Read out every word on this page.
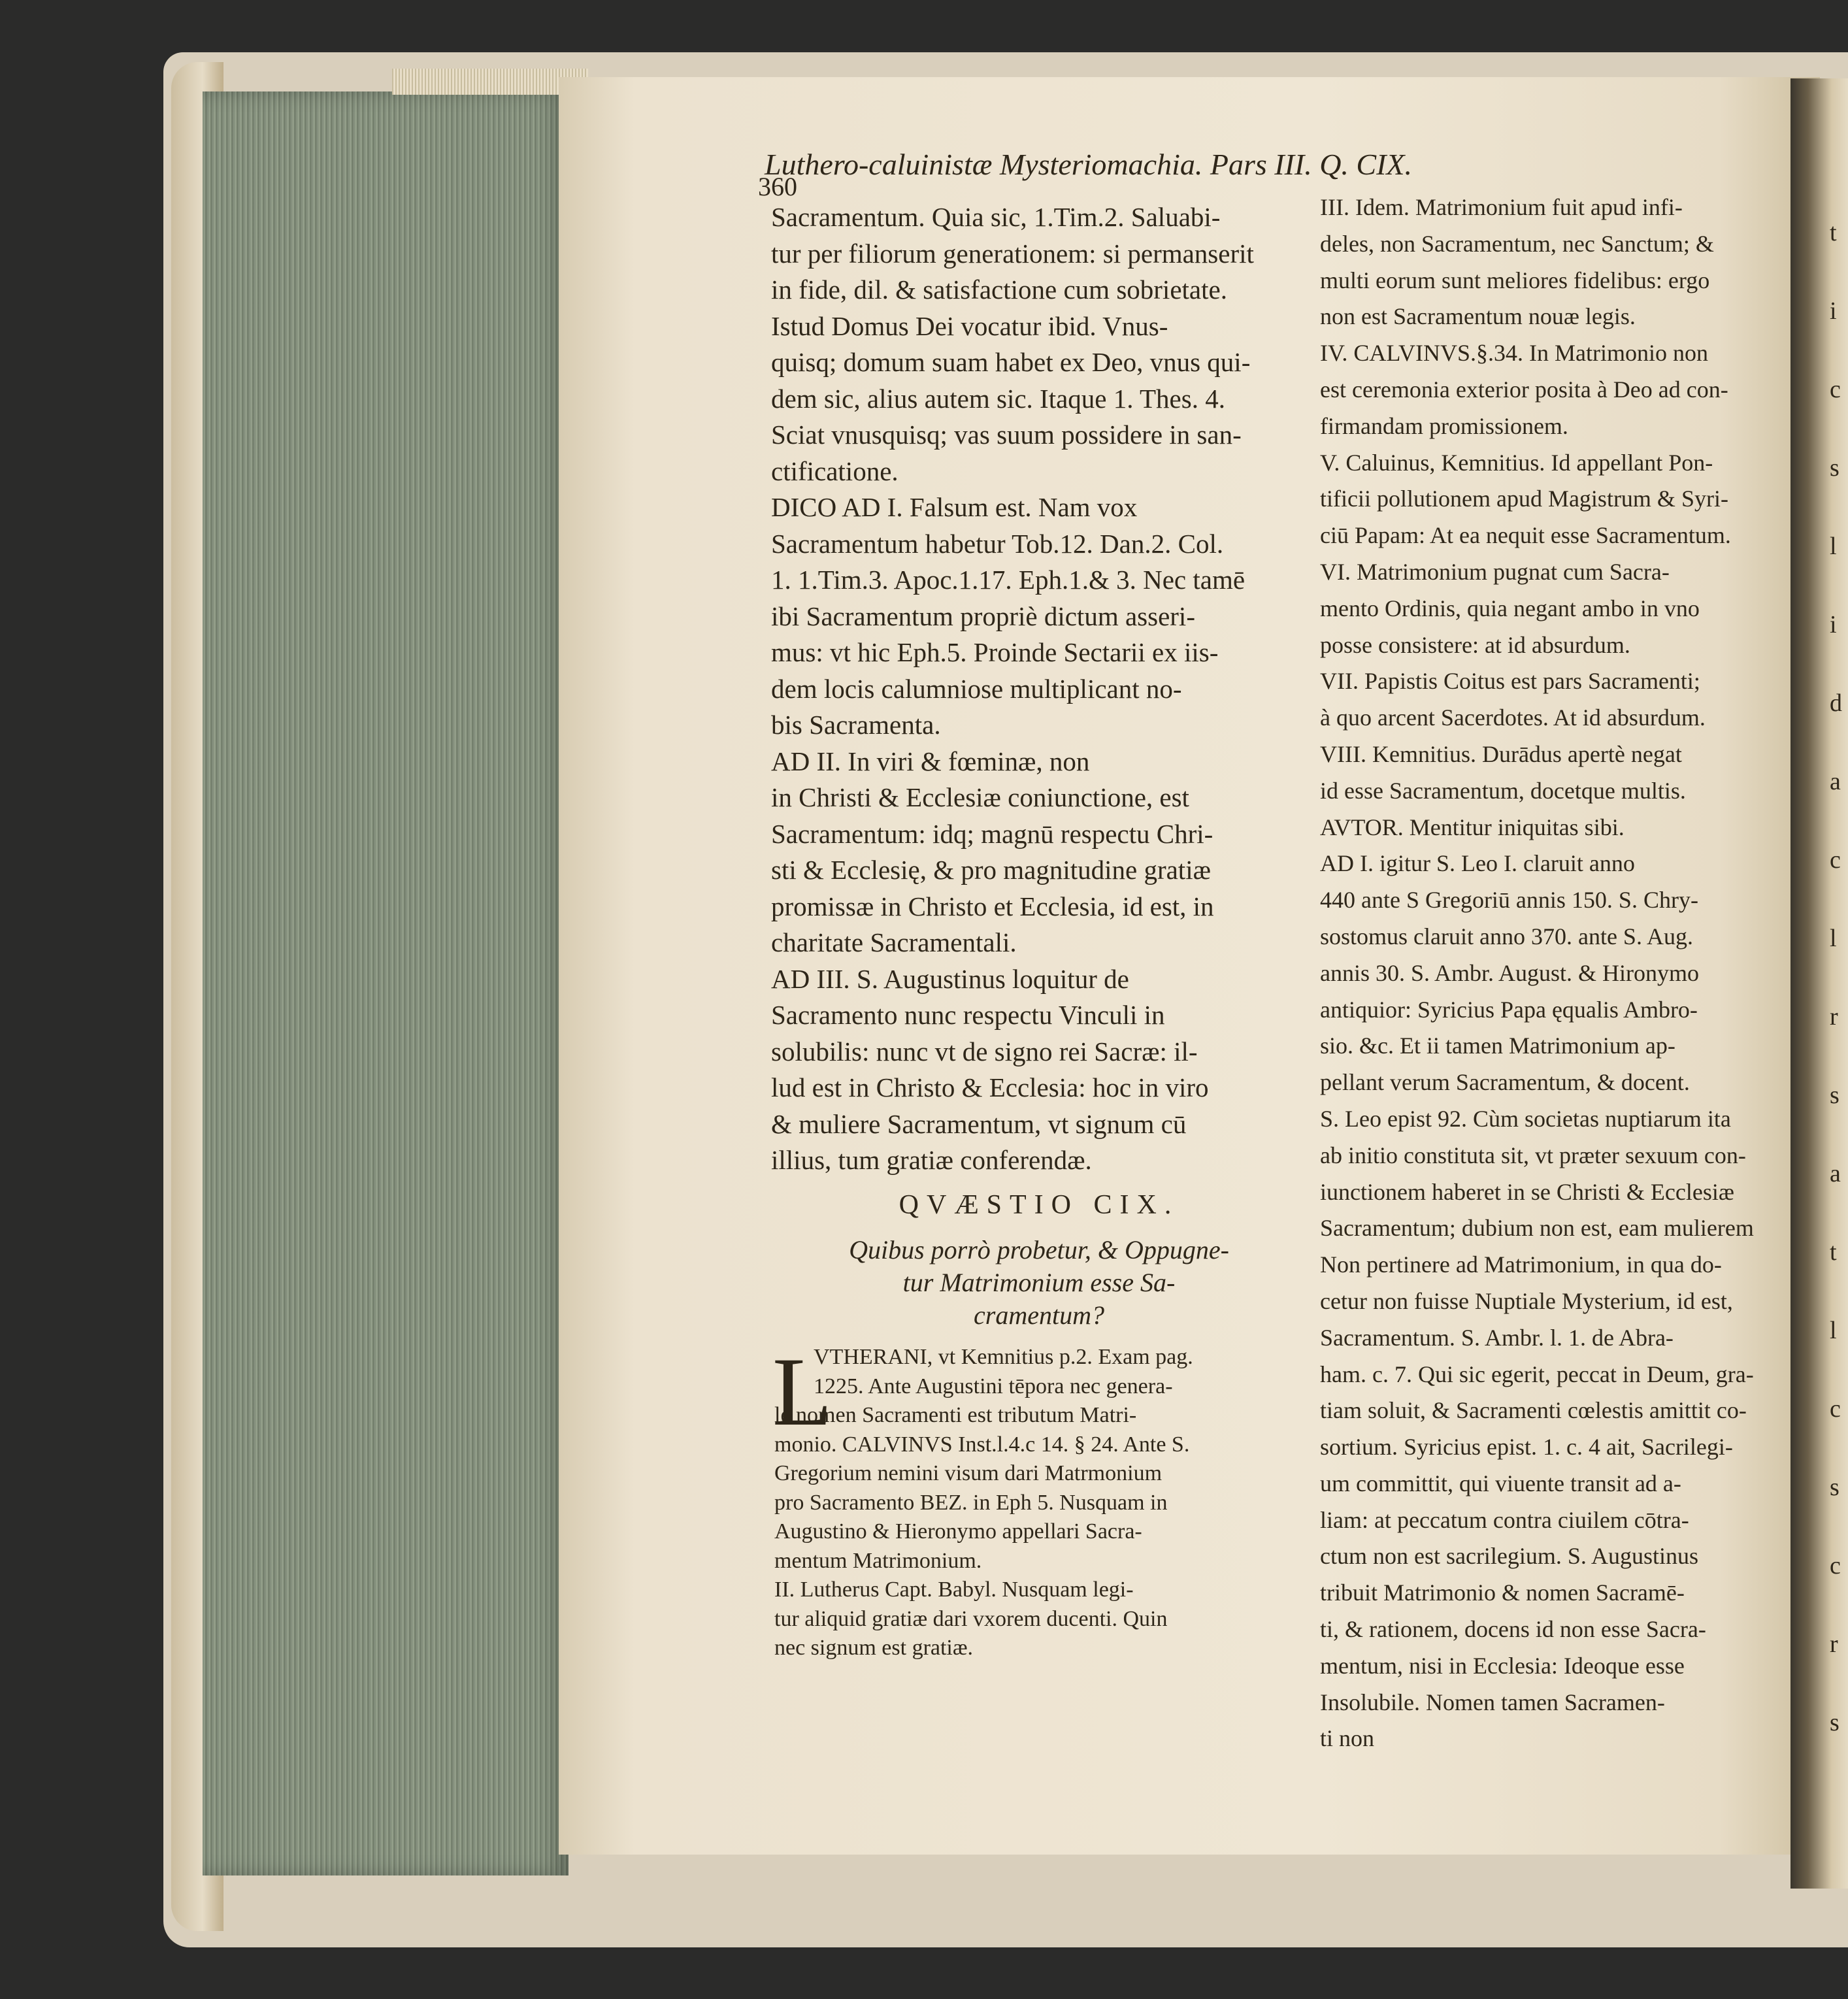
360
Luthero-caluinistæ Mysteriomachia. Pars III. Q. CIX.
Sacramentum. Quia sic, 1.Tim.2. Saluabi-
tur per filiorum generationem: si permanserit
in fide, dil. & satisfactione cum sobrietate.
Istud Domus Dei vocatur ibid. Vnus-
quisq; domum suam habet ex Deo, vnus qui-
dem sic, alius autem sic. Itaque 1. Thes. 4.
Sciat vnusquisq; vas suum possidere in san-
ctificatione.
DICO AD I. Falsum est. Nam vox
Sacramentum habetur Tob.12. Dan.2. Col.
1. 1.Tim.3. Apoc.1.17. Eph.1.& 3. Nec tamē
ibi Sacramentum propriè dictum asseri-
mus: vt hic Eph.5. Proinde Sectarii ex iis-
dem locis calumniose multiplicant no-
bis Sacramenta.
AD II. In viri & fœminæ, non
in Christi & Ecclesiæ coniunctione, est
Sacramentum: idq; magnū respectu Chri-
sti & Ecclesię, & pro magnitudine gratiæ
promissæ in Christo et Ecclesia, id est, in
charitate Sacramentali.
AD III. S. Augustinus loquitur de
Sacramento nunc respectu Vinculi in
solubilis: nunc vt de signo rei Sacræ: il-
lud est in Christo & Ecclesia: hoc in viro
& muliere Sacramentum, vt signum cū
illius, tum gratiæ conferendæ.
QVÆSTIO CIX.
Quibus porrò probetur, & Oppugne-
tur Matrimonium esse Sa-
cramentum?
L
VTHERANI, vt Kemnitius p.2. Exam pag.
1225. Ante Augustini tēpora nec genera-
le nomen Sacramenti est tributum Matri-
monio. CALVINVS Inst.l.4.c 14. § 24. Ante S.
Gregorium nemini visum dari Matrmonium
pro Sacramento BEZ. in Eph 5. Nusquam in
Augustino & Hieronymo appellari Sacra-
mentum Matrimonium.
II. Lutherus Capt. Babyl. Nusquam legi-
tur aliquid gratiæ dari vxorem ducenti. Quin
nec signum est gratiæ.
III. Idem. Matrimonium fuit apud infi-
deles, non Sacramentum, nec Sanctum; &
multi eorum sunt meliores fidelibus: ergo
non est Sacramentum nouæ legis.
IV. CALVINVS.§.34. In Matrimonio non
est ceremonia exterior posita à Deo ad con-
firmandam promissionem.
V. Caluinus, Kemnitius. Id appellant Pon-
tificii pollutionem apud Magistrum & Syri-
ciū Papam: At ea nequit esse Sacramentum.
VI. Matrimonium pugnat cum Sacra-
mento Ordinis, quia negant ambo in vno
posse consistere: at id absurdum.
VII. Papistis Coitus est pars Sacramenti;
à quo arcent Sacerdotes. At id absurdum.
VIII. Kemnitius. Durādus apertè negat
id esse Sacramentum, docetque multis.
AVTOR. Mentitur iniquitas sibi.
AD I. igitur S. Leo I. claruit anno
440 ante S Gregoriū annis 150. S. Chry-
sostomus claruit anno 370. ante S. Aug.
annis 30. S. Ambr. August. & Hironymo
antiquior: Syricius Papa ęqualis Ambro-
sio. &c. Et ii tamen Matrimonium ap-
pellant verum Sacramentum, & docent.
S. Leo epist 92. Cùm societas nuptiarum ita
ab initio constituta sit, vt præter sexuum con-
iunctionem haberet in se Christi & Ecclesiæ
Sacramentum; dubium non est, eam mulierem
Non pertinere ad Matrimonium, in qua do-
cetur non fuisse Nuptiale Mysterium, id est,
Sacramentum. S. Ambr. l. 1. de Abra-
ham. c. 7. Qui sic egerit, peccat in Deum, gra-
tiam soluit, & Sacramenti cœlestis amittit co-
sortium. Syricius epist. 1. c. 4 ait, Sacrilegi-
um committit, qui viuente transit ad a-
liam: at peccatum contra ciuilem cōtra-
ctum non est sacrilegium. S. Augustinus
tribuit Matrimonio & nomen Sacramē-
ti, & rationem, docens id non esse Sacra-
mentum, nisi in Ecclesia: Ideoque esse
Insolubile. Nomen tamen Sacramen-
ti non
t
i
c
s
l
i
d
a
c
l
r
s
a
t
l
c
s
c
r
s
